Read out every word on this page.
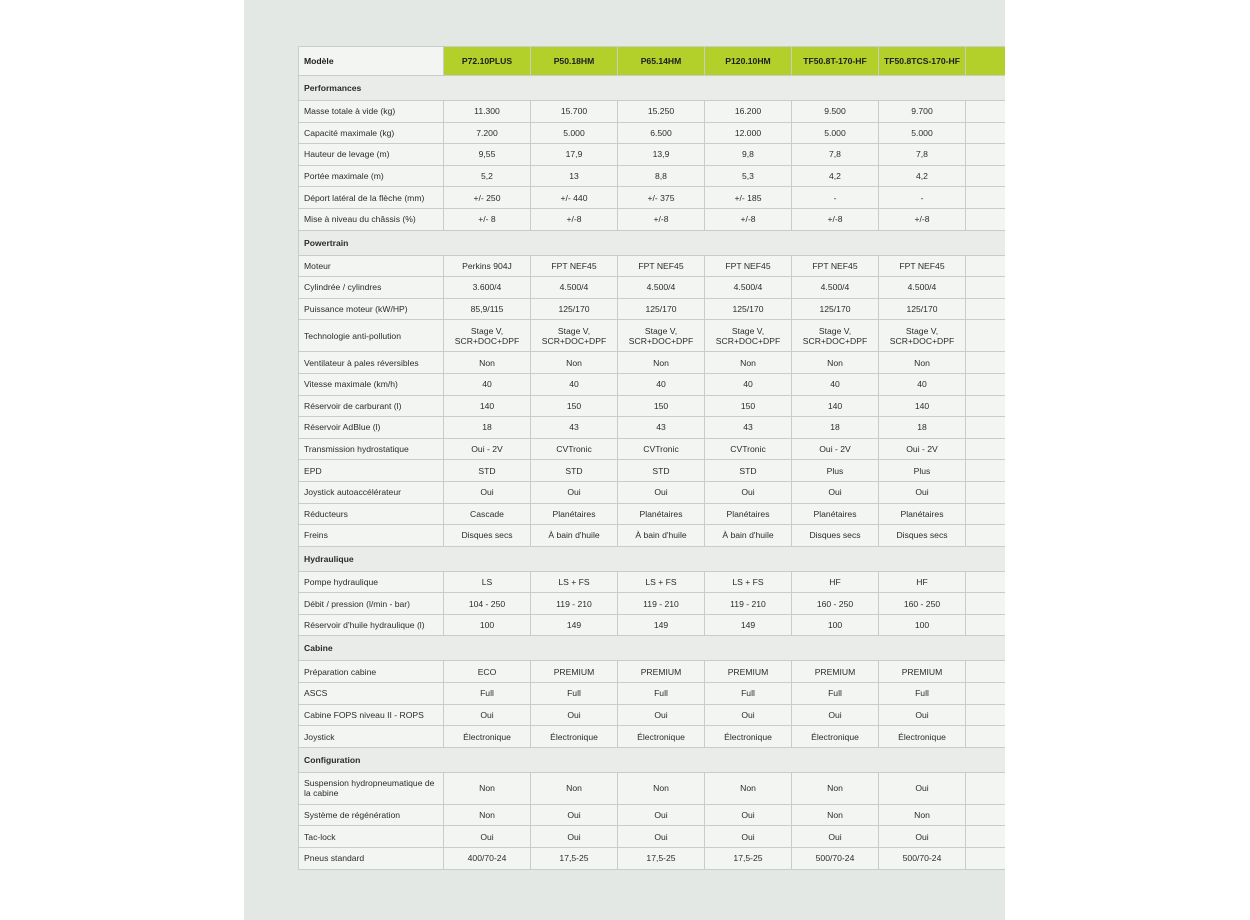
Modèle	P72.10PLUS	P50.18HM	P65.14HM	P120.10HM	TF50.8T-170-HF	TF50.8TCS-170-HF	
Performances							
Masse totale à vide (kg)	11.300	15.700	15.250	16.200	9.500	9.700	
Capacité maximale (kg)	7.200	5.000	6.500	12.000	5.000	5.000	
Hauteur de levage (m)	9,55	17,9	13,9	9,8	7,8	7,8	
Portée maximale (m)	5,2	13	8,8	5,3	4,2	4,2	
Déport latéral de la flèche (mm)	+/- 250	+/- 440	+/- 375	+/- 185	-	-	
Mise à niveau du châssis (%)	+/- 8	+/-8	+/-8	+/-8	+/-8	+/-8	
Powertrain							
Moteur	Perkins 904J	FPT NEF45	FPT NEF45	FPT NEF45	FPT NEF45	FPT NEF45	
Cylindrée / cylindres	3.600/4	4.500/4	4.500/4	4.500/4	4.500/4	4.500/4	
Puissance moteur (kW/HP)	85,9/115	125/170	125/170	125/170	125/170	125/170	
Technologie anti-pollution	Stage V, SCR+DOC+DPF	Stage V, SCR+DOC+DPF	Stage V, SCR+DOC+DPF	Stage V, SCR+DOC+DPF	Stage V, SCR+DOC+DPF	Stage V, SCR+DOC+DPF	
Ventilateur à pales réversibles	Non	Non	Non	Non	Non	Non	
Vitesse maximale (km/h)	40	40	40	40	40	40	
Réservoir de carburant (l)	140	150	150	150	140	140	
Réservoir AdBlue (l)	18	43	43	43	18	18	
Transmission hydrostatique	Oui - 2V	CVTronic	CVTronic	CVTronic	Oui - 2V	Oui - 2V	
EPD	STD	STD	STD	STD	Plus	Plus	
Joystick autoaccélérateur	Oui	Oui	Oui	Oui	Oui	Oui	
Réducteurs	Cascade	Planétaires	Planétaires	Planétaires	Planétaires	Planétaires	
Freins	Disques secs	À bain d'huile	À bain d'huile	À bain d'huile	Disques secs	Disques secs	
Hydraulique							
Pompe hydraulique	LS	LS + FS	LS + FS	LS + FS	HF	HF	
Débit / pression (l/min - bar)	104 - 250	119 - 210	119 - 210	119 - 210	160 - 250	160 - 250	
Réservoir d'huile hydraulique (l)	100	149	149	149	100	100	
Cabine							
Préparation cabine	ECO	PREMIUM	PREMIUM	PREMIUM	PREMIUM	PREMIUM	
ASCS	Full	Full	Full	Full	Full	Full	
Cabine FOPS niveau II - ROPS	Oui	Oui	Oui	Oui	Oui	Oui	
Joystick	Électronique	Électronique	Électronique	Électronique	Électronique	Électronique	
Configuration							
Suspension hydropneumatique de la cabine	Non	Non	Non	Non	Non	Oui	
Système de régénération	Non	Oui	Oui	Oui	Non	Non	
Tac-lock	Oui	Oui	Oui	Oui	Oui	Oui	
Pneus standard	400/70-24	17,5-25	17,5-25	17,5-25	500/70-24	500/70-24	
